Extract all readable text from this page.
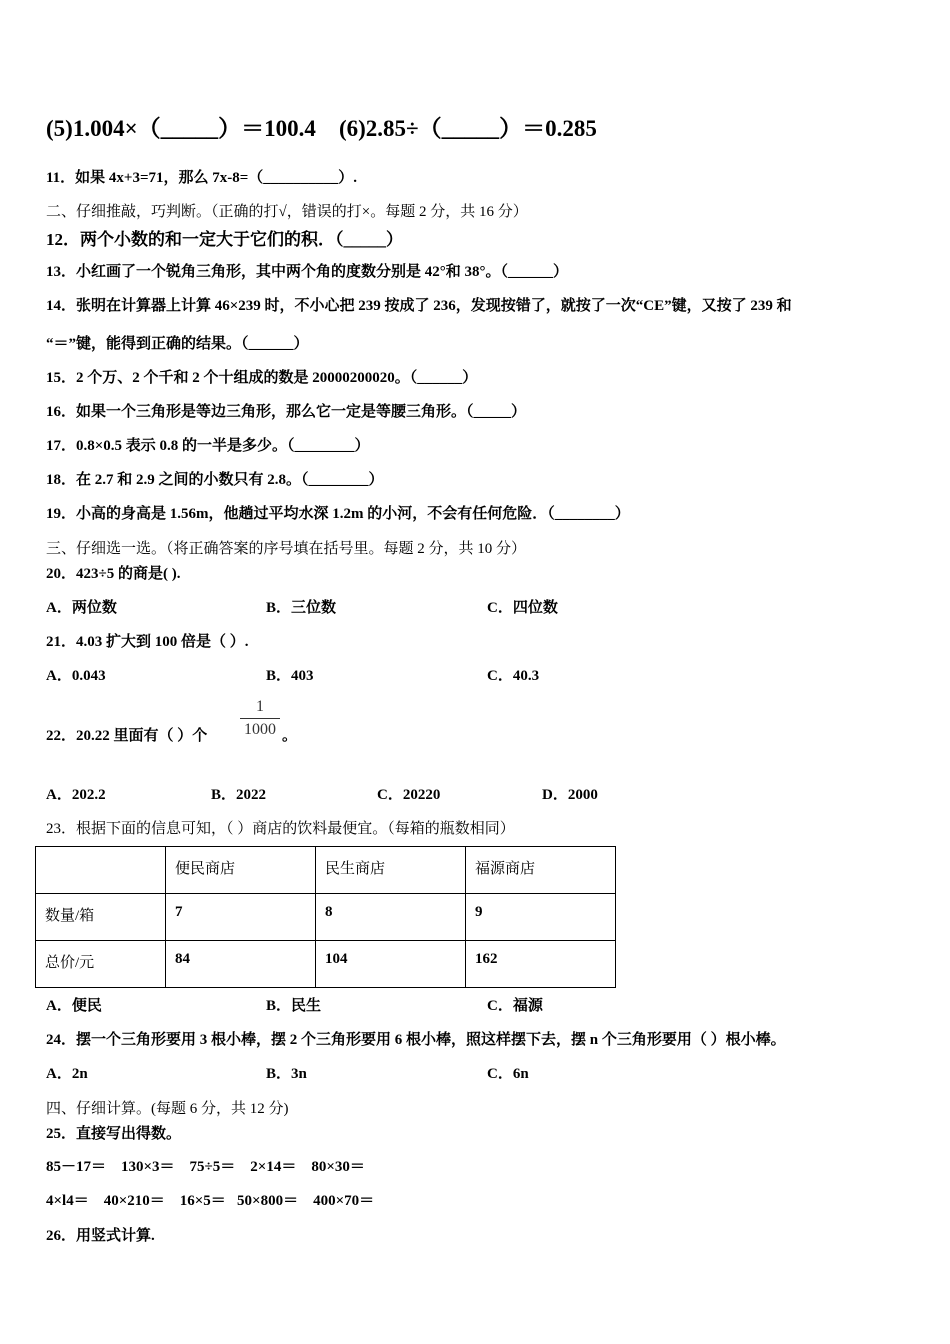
(5)1.004×（_____）＝100.4 (6)2.85÷（_____）＝0.285
11．如果 4x+3=71，那么 7x-8=（__________）.
二、仔细推敲，巧判断。（正确的打√，错误的打×。每题 2 分，共 16 分）
12．两个小数的和一定大于它们的积．（_____）
13．小红画了一个锐角三角形，其中两个角的度数分别是 42°和 38°。（______）
14．张明在计算器上计算 46×239 时，不小心把 239 按成了 236，发现按错了，就按了一次“CE”键，又按了 239 和
“＝”键，能得到正确的结果。（______）
15．2 个万、2 个千和 2 个十组成的数是 20000200020。（______）
16．如果一个三角形是等边三角形，那么它一定是等腰三角形。（_____）
17．0.8×0.5 表示 0.8 的一半是多少。（________）
18．在 2.7 和 2.9 之间的小数只有 2.8。（________）
19．小高的身高是 1.56m，他趟过平均水深 1.2m 的小河，不会有任何危险．（________）
三、仔细选一选。（将正确答案的序号填在括号里。每题 2 分，共 10 分）
20．423÷5 的商是( ).
A．两位数	B．三位数	C．四位数
21．4.03 扩大到 100 倍是（ ）.
A．0.043	B．403	C．40.3
22．20.22 里面有（ ）个
1
1000 。
A．202.2	B．2022	C．20220	D．2000
23．根据下面的信息可知，（ ）商店的饮料最便宜。（每箱的瓶数相同）
	便民商店	民生商店	福源商店
数量/箱	7	8	9
总价/元	84	104	162
A．便民	B．民生	C．福源
24．摆一个三角形要用 3 根小棒，摆 2 个三角形要用 6 根小棒，照这样摆下去，摆 n 个三角形要用（ ）根小棒。
A．2n	B．3n	C．6n
四、仔细计算。(每题 6 分，共 12 分)
25．直接写出得数。
85－17＝    130×3＝    75÷5＝    2×14＝    80×30＝
4×l4＝    40×210＝    16×5＝   50×800＝    400×70＝
26．用竖式计算.
